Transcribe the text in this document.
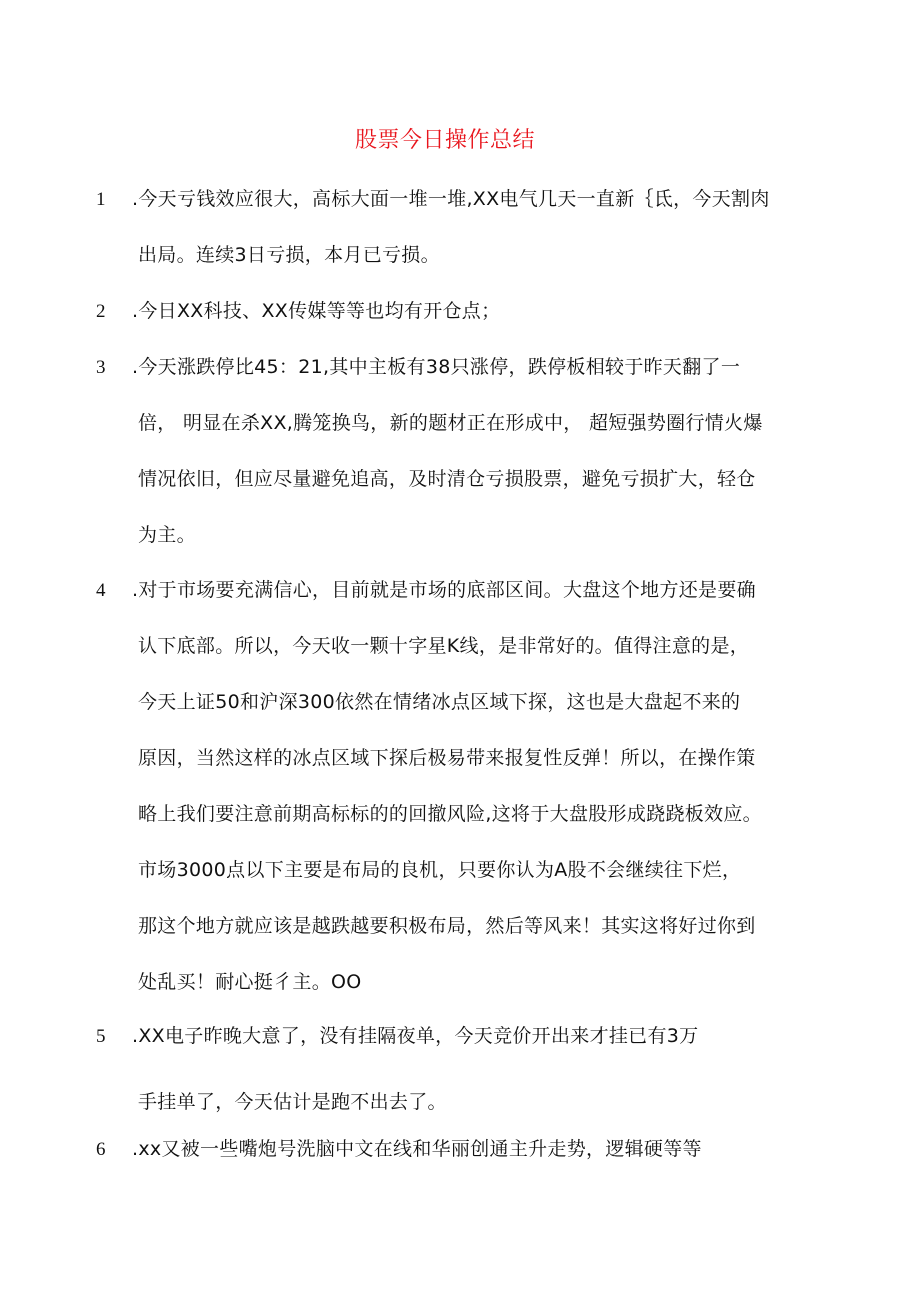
股票今日操作总结
1 .今天亏钱效应很大，高标大面一堆一堆,XX电气几天一直新｛氐，今天割肉
出局。连续3日亏损，本月已亏损。
2 .今日XX科技、XX传媒等等也均有开仓点；
3 .今天涨跌停比45：21,其中主板有38只涨停，跌停板相较于昨天翻了一
倍， 明显在杀XX,腾笼换鸟，新的题材正在形成中， 超短强势圈行情火爆
情况依旧，但应尽量避免追高，及时清仓亏损股票，避免亏损扩大，轻仓
为主。
4 .对于市场要充满信心，目前就是市场的底部区间。大盘这个地方还是要确
认下底部。所以，今天收一颗十字星K线，是非常好的。值得注意的是，
今天上证50和沪深300依然在情绪冰点区域下探，这也是大盘起不来的
原因，当然这样的冰点区域下探后极易带来报复性反弹！所以，在操作策
略上我们要注意前期高标标的的回撤风险,这将于大盘股形成跷跷板效应。
市场3000点以下主要是布局的良机，只要你认为A股不会继续往下烂，
那这个地方就应该是越跌越要积极布局，然后等风来！其实这将好过你到
处乱买！耐心挺彳主。OO
5 .XX电子昨晚大意了，没有挂隔夜单，今天竞价开出来才挂已有3万
手挂单了，今天估计是跑不出去了。
6 .xx又被一些嘴炮号洗脑中文在线和华丽创通主升走势，逻辑硬等等
